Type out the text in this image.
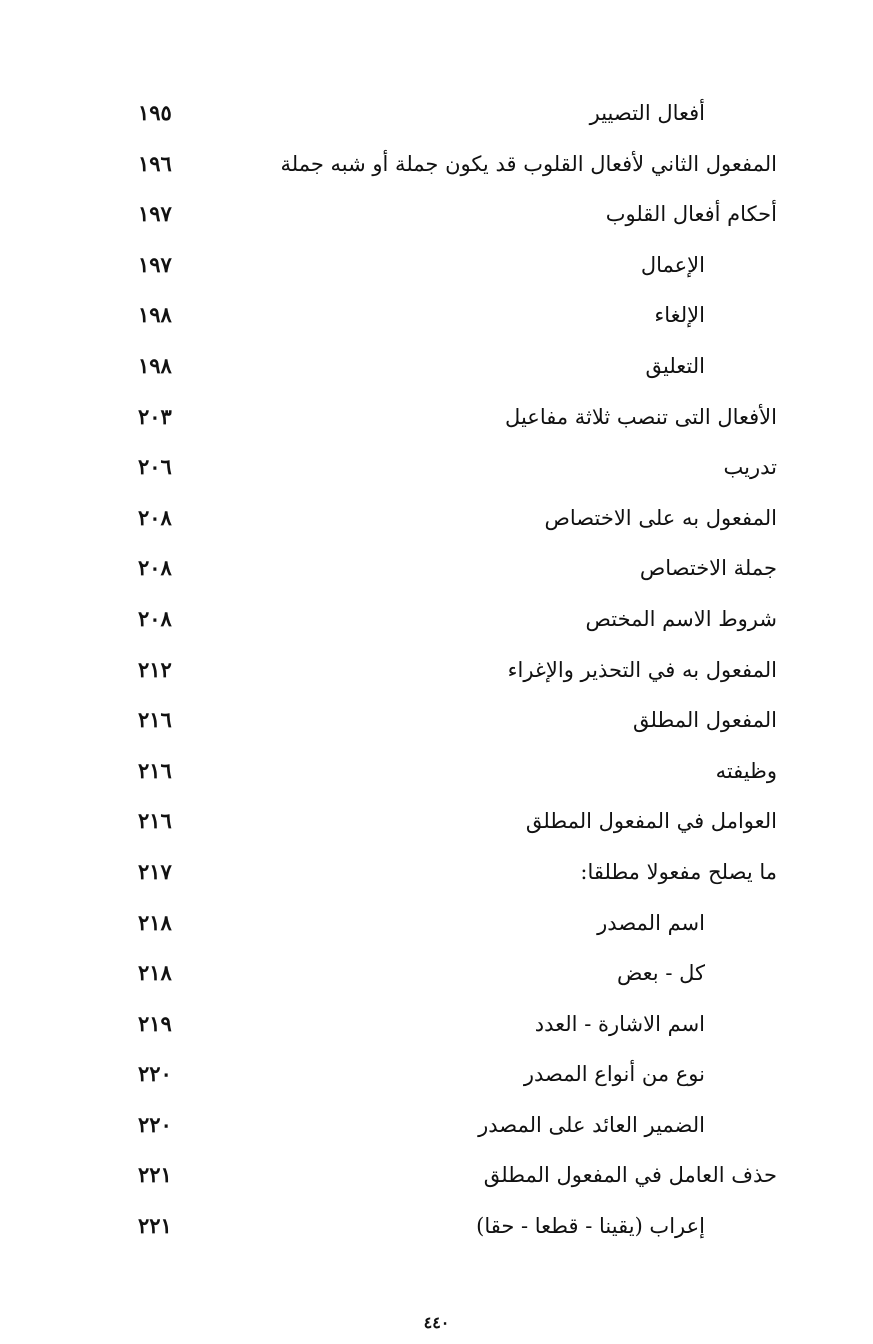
أفعال التصيير
١٩٥
المفعول الثاني لأفعال القلوب قد يكون جملة أو شبه جملة
١٩٦
أحكام أفعال القلوب
١٩٧
الإعمال
١٩٧
الإلغاء
١٩٨
التعليق
١٩٨
الأفعال التى تنصب ثلاثة مفاعيل
٢٠٣
تدريب
٢٠٦
المفعول به على الاختصاص
٢٠٨
جملة الاختصاص
٢٠٨
شروط الاسم المختص
٢٠٨
المفعول به في التحذير والإغراء
٢١٢
المفعول المطلق
٢١٦
وظيفته
٢١٦
العوامل في المفعول المطلق
٢١٦
ما يصلح مفعولا مطلقا:
٢١٧
اسم المصدر
٢١٨
كل - بعض
٢١٨
اسم الاشارة - العدد
٢١٩
نوع من أنواع المصدر
٢٢٠
الضمير العائد على المصدر
٢٢٠
حذف العامل في المفعول المطلق
٢٢١
إعراب (يقينا - قطعا - حقا)
٢٢١
٤٤٠
